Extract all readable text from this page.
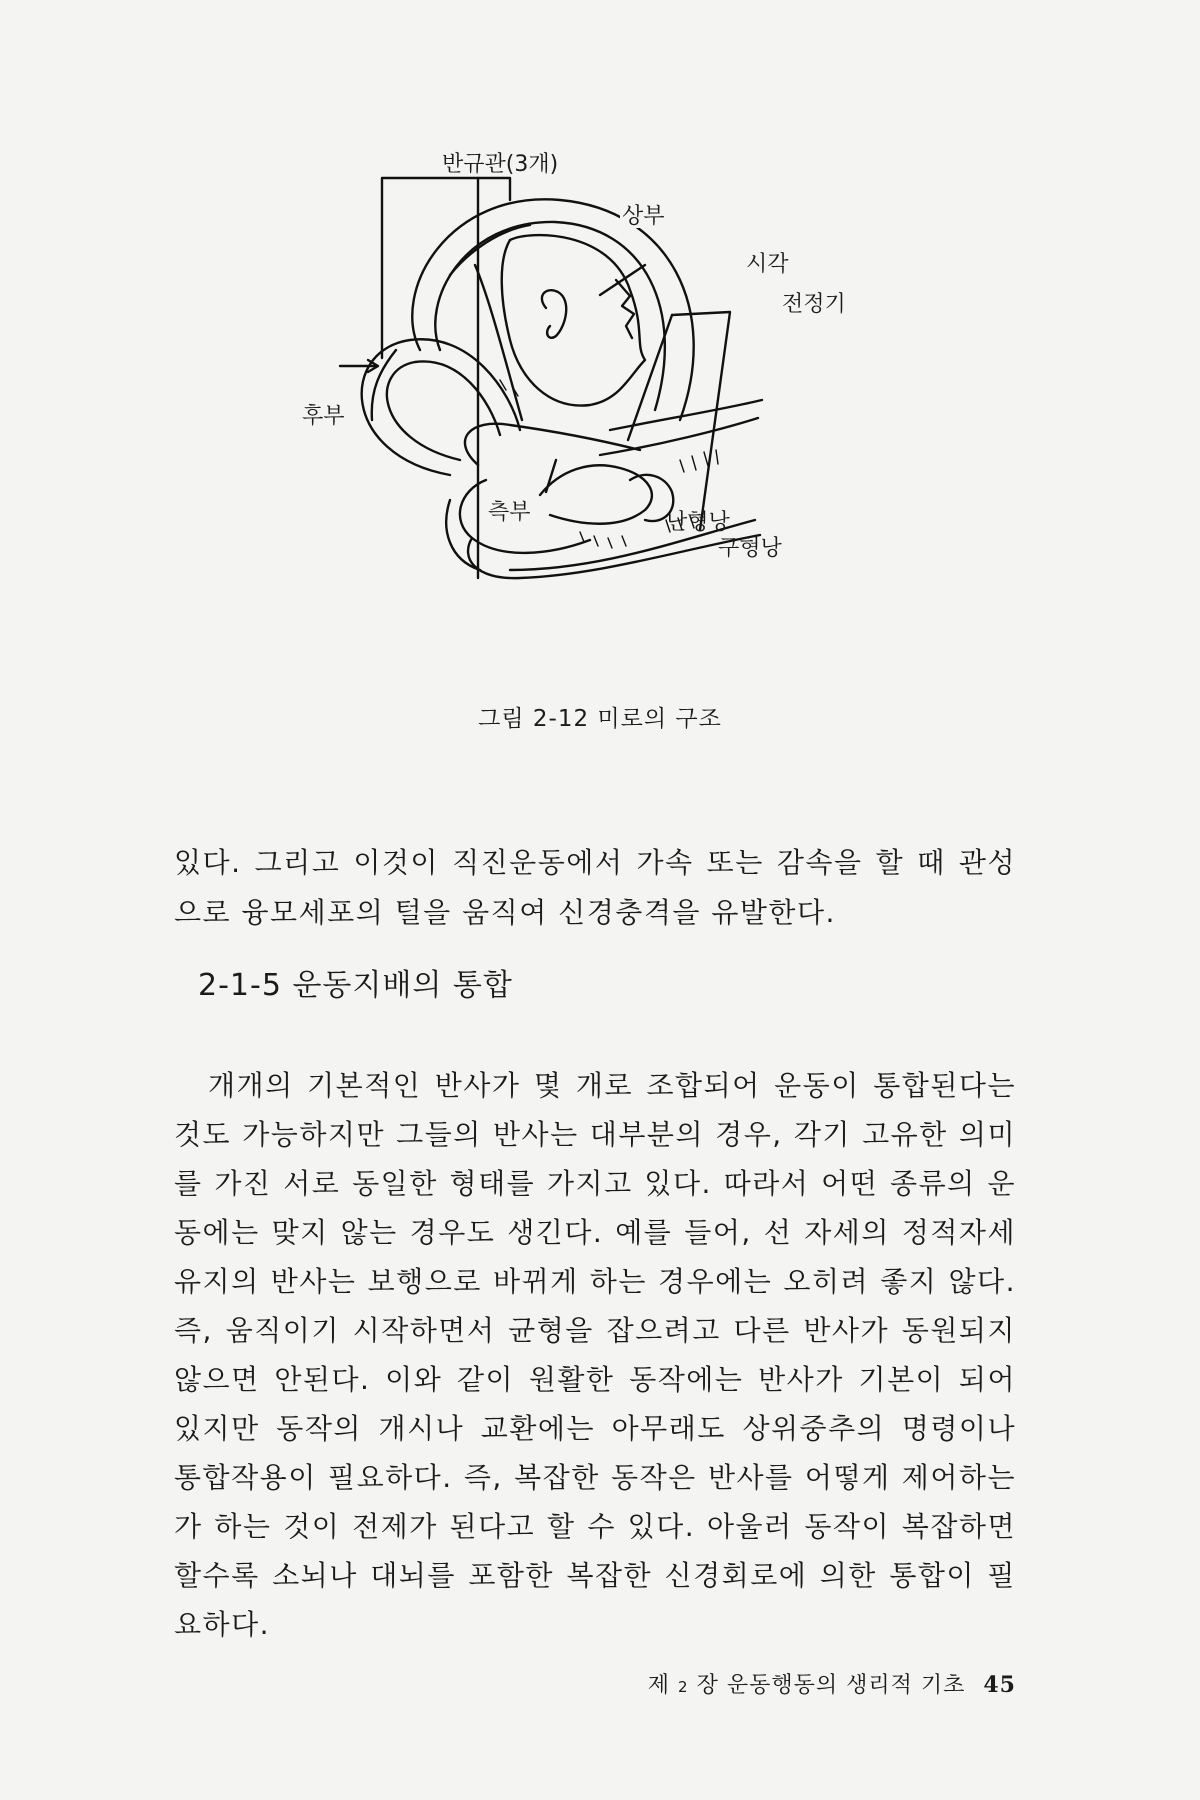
반규관(3개)
상부
시각
전정기
후부
측부	난형낭
구형낭
그림 2-12 미로의 구조

있다. 그리고 이것이 직진운동에서 가속 또는 감속을 할 때 관성으로 융모세포의 털을 움직여 신경충격을 유발한다.

2-1-5 운동지배의 통합

개개의 기본적인 반사가 몇 개로 조합되어 운동이 통합된다는 것도 가능하지만 그들의 반사는 대부분의 경우, 각기 고유한 의미를 가진 서로 동일한 형태를 가지고 있다. 따라서 어떤 종류의 운동에는 맞지 않는 경우도 생긴다. 예를 들어, 선 자세의 정적자세 유지의 반사는 보행으로 바뀌게 하는 경우에는 오히려 좋지 않다. 즉, 움직이기 시작하면서 균형을 잡으려고 다른 반사가 동원되지 않으면 안된다. 이와 같이 원활한 동작에는 반사가 기본이 되어 있지만 동작의 개시나 교환에는 아무래도 상위중추의 명령이나 통합작용이 필요하다. 즉, 복잡한 동작은 반사를 어떻게 제어하는가 하는 것이 전제가 된다고 할 수 있다. 아울러 동작이 복잡하면 할수록 소뇌나 대뇌를 포함한 복잡한 신경회로에 의한 통합이 필요하다.

제 2 장 운동행동의 생리적 기초 45
